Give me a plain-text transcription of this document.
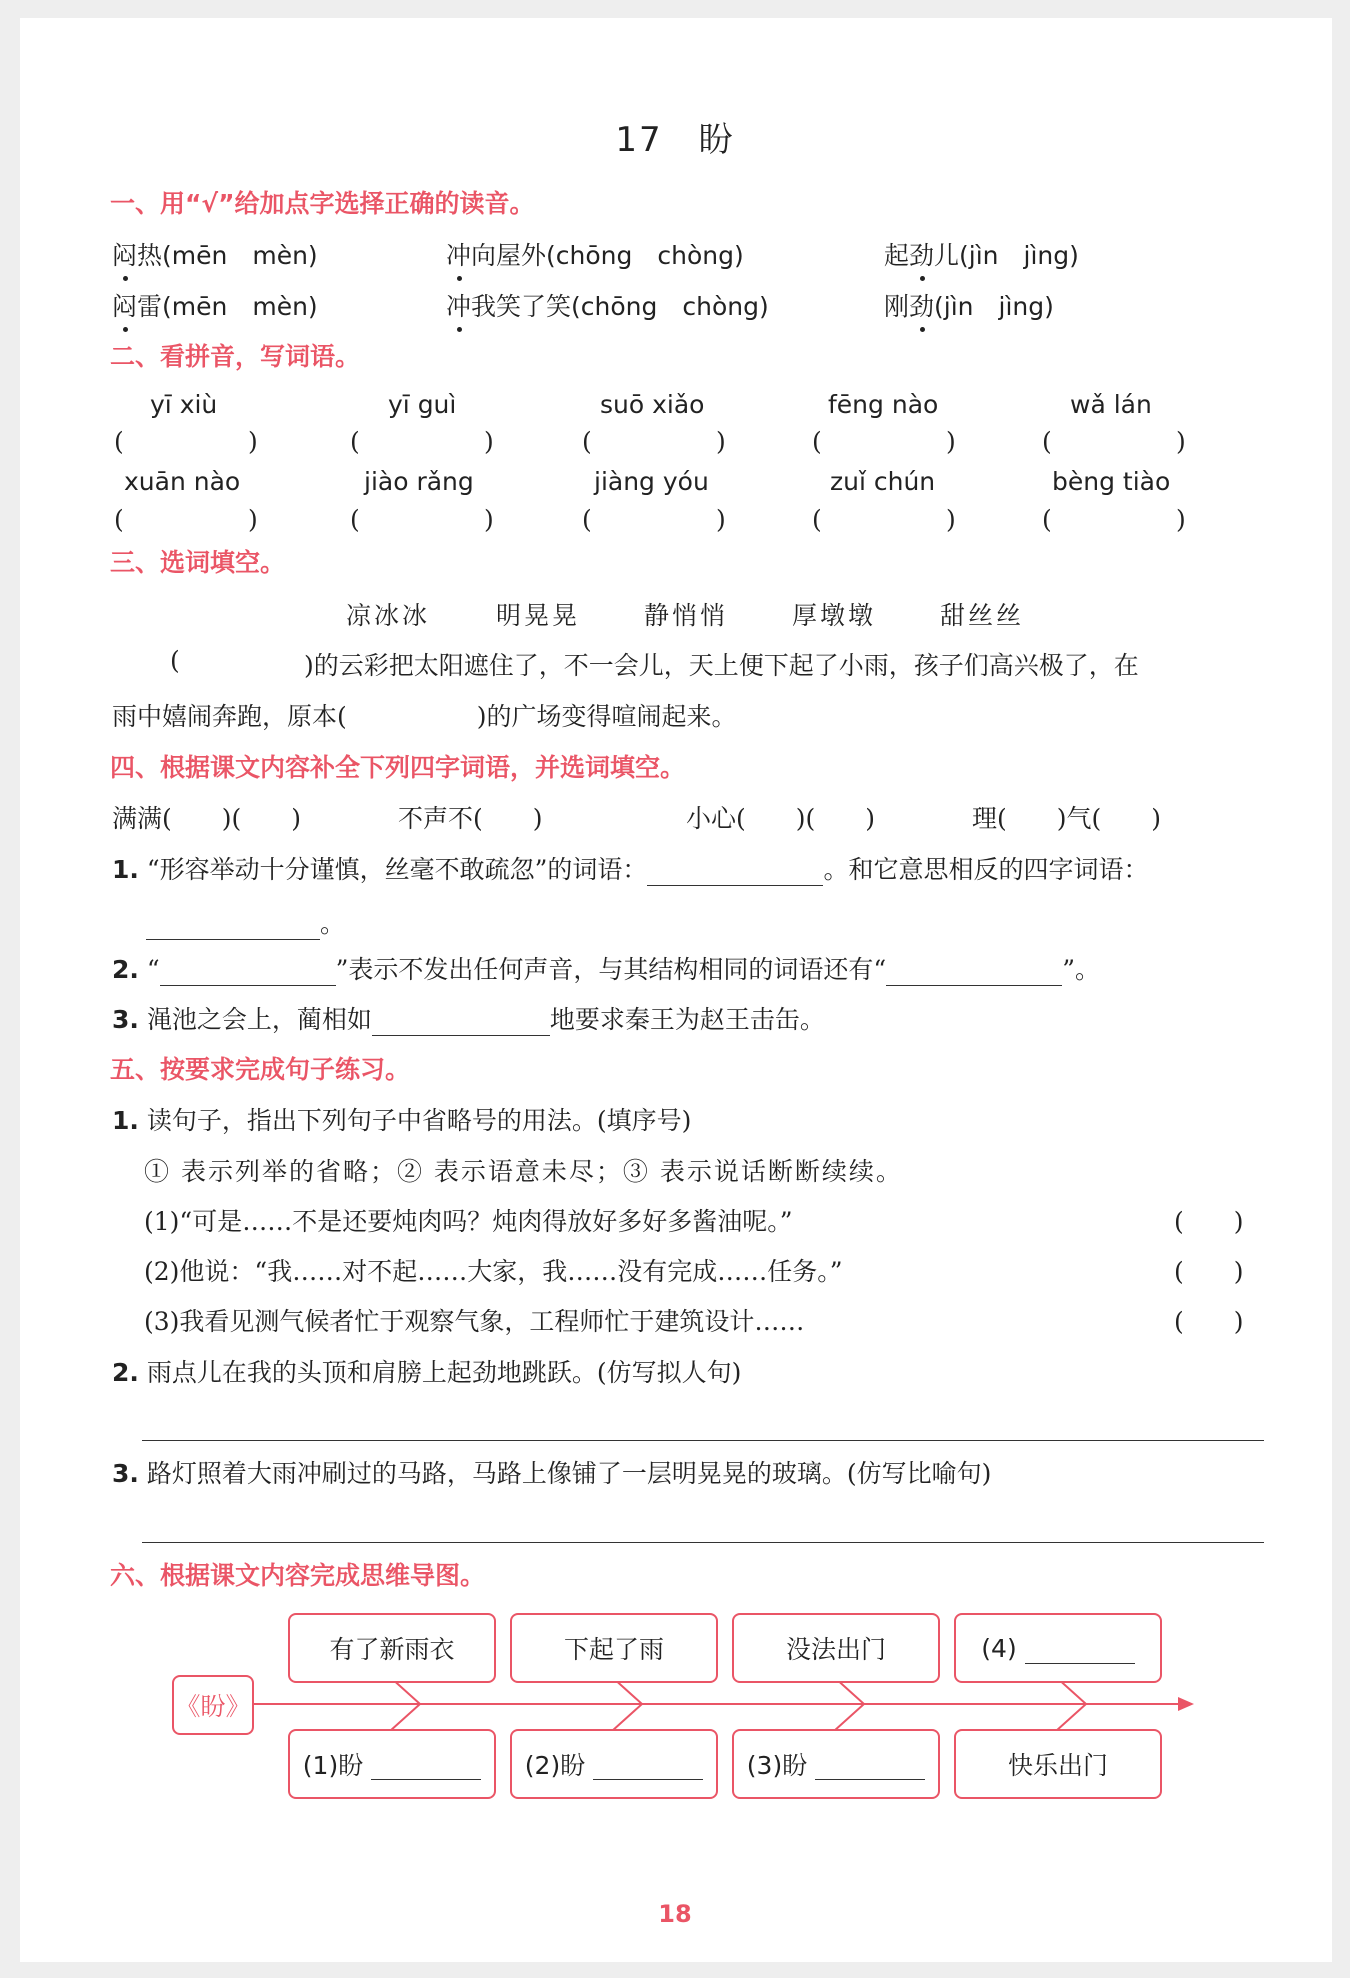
17　盼
一、用“√”给加点字选择正确的读音。
闷热(mēn　mèn)	冲向屋外(chōng　chòng)	起劲儿(jìn　jìng)
闷雷(mēn　mèn)	冲我笑了笑(chōng　chòng)	刚劲(jìn　jìng)
二、看拼音，写词语。
yī xiù	yī guì	suō xiǎo	fēng nào	wǎ lán
(	)	(	)	(	)	(	)	(	)
xuān nào	jiào rǎng	jiàng yóu	zuǐ chún	bèng tiào
(	)	(	)	(	)	(	)	(	)
三、选词填空。
凉冰冰	明晃晃	静悄悄	厚墩墩	甜丝丝
(	)的云彩把太阳遮住了，不一会儿，天上便下起了小雨，孩子们高兴极了，在
雨中嬉闹奔跑，原本(	)的广场变得喧闹起来。
四、根据课文内容补全下列四字词语，并选词填空。
满满(　　)(　　)	不声不(　　)	小心(　　)(　　)	理(　　)气(　　)
1. “形容举动十分谨慎，丝毫不敢疏忽”的词语：	。和它意思相反的四字词语：
。
2. “	”表示不发出任何声音，与其结构相同的词语还有“	”。
3. 渑池之会上，蔺相如	地要求秦王为赵王击缶。
五、按要求完成句子练习。
1. 读句子，指出下列句子中省略号的用法。(填序号)
① 表示列举的省略；② 表示语意未尽；③ 表示说话断断续续。
(1)“可是……不是还要炖肉吗？炖肉得放好多好多酱油呢。”	(　　)
(2)他说：“我……对不起……大家，我……没有完成……任务。”	(　　)
(3)我看见测气候者忙于观察气象，工程师忙于建筑设计……	(　　)
2. 雨点儿在我的头顶和肩膀上起劲地跳跃。(仿写拟人句)
3. 路灯照着大雨冲刷过的马路，马路上像铺了一层明晃晃的玻璃。(仿写比喻句)
六、根据课文内容完成思维导图。
《盼》
有了新雨衣	下起了雨	没法出门	(4)
(1)盼	(2)盼	(3)盼	快乐出门
18
